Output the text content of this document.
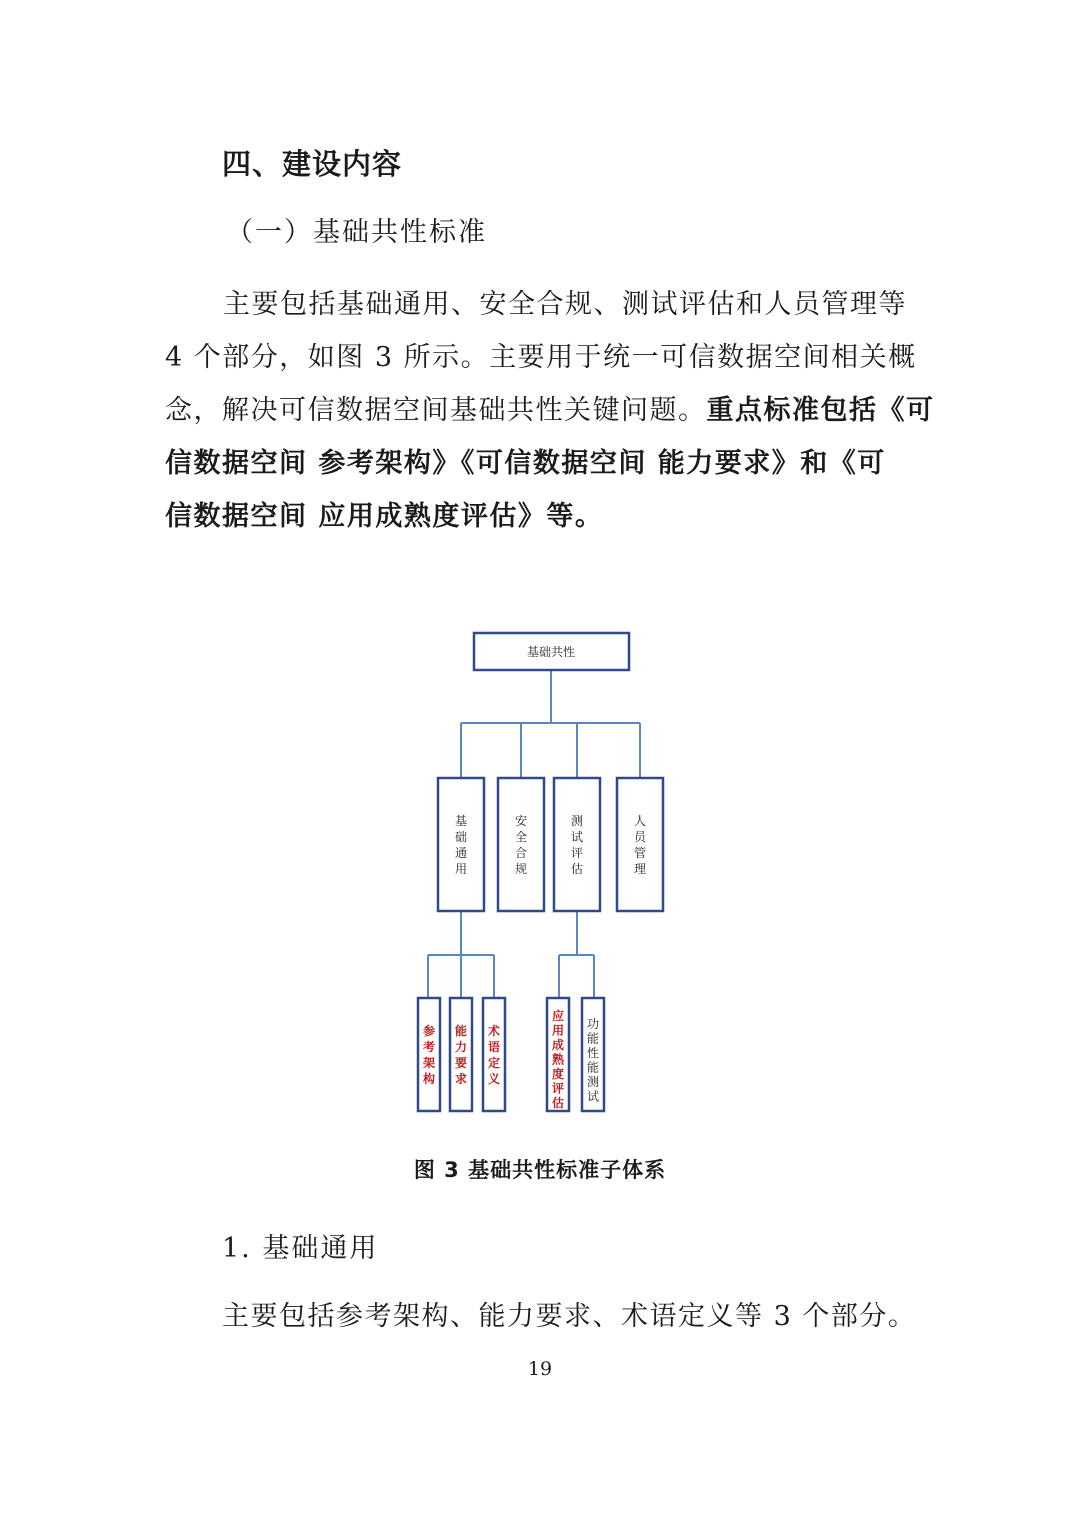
四、建设内容
（一）基础共性标准
主要包括基础通用、安全合规、测试评估和人员管理等
4 个部分，如图 3 所示。主要用于统一可信数据空间相关概
念，解决可信数据空间基础共性关键问题。重点标准包括《可
信数据空间 参考架构》《可信数据空间 能力要求》和《可
信数据空间 应用成熟度评估》等。
基础共性
基
础
通
用
安
全
合
规
测
试
评
估
人
员
管
理
参
考
架
构
能
力
要
求
术
语
定
义
应
用
成
熟
度
评
估
功
能
性
能
测
试
图 3 基础共性标准子体系
1. 基础通用
主要包括参考架构、能力要求、术语定义等 3 个部分。
19
